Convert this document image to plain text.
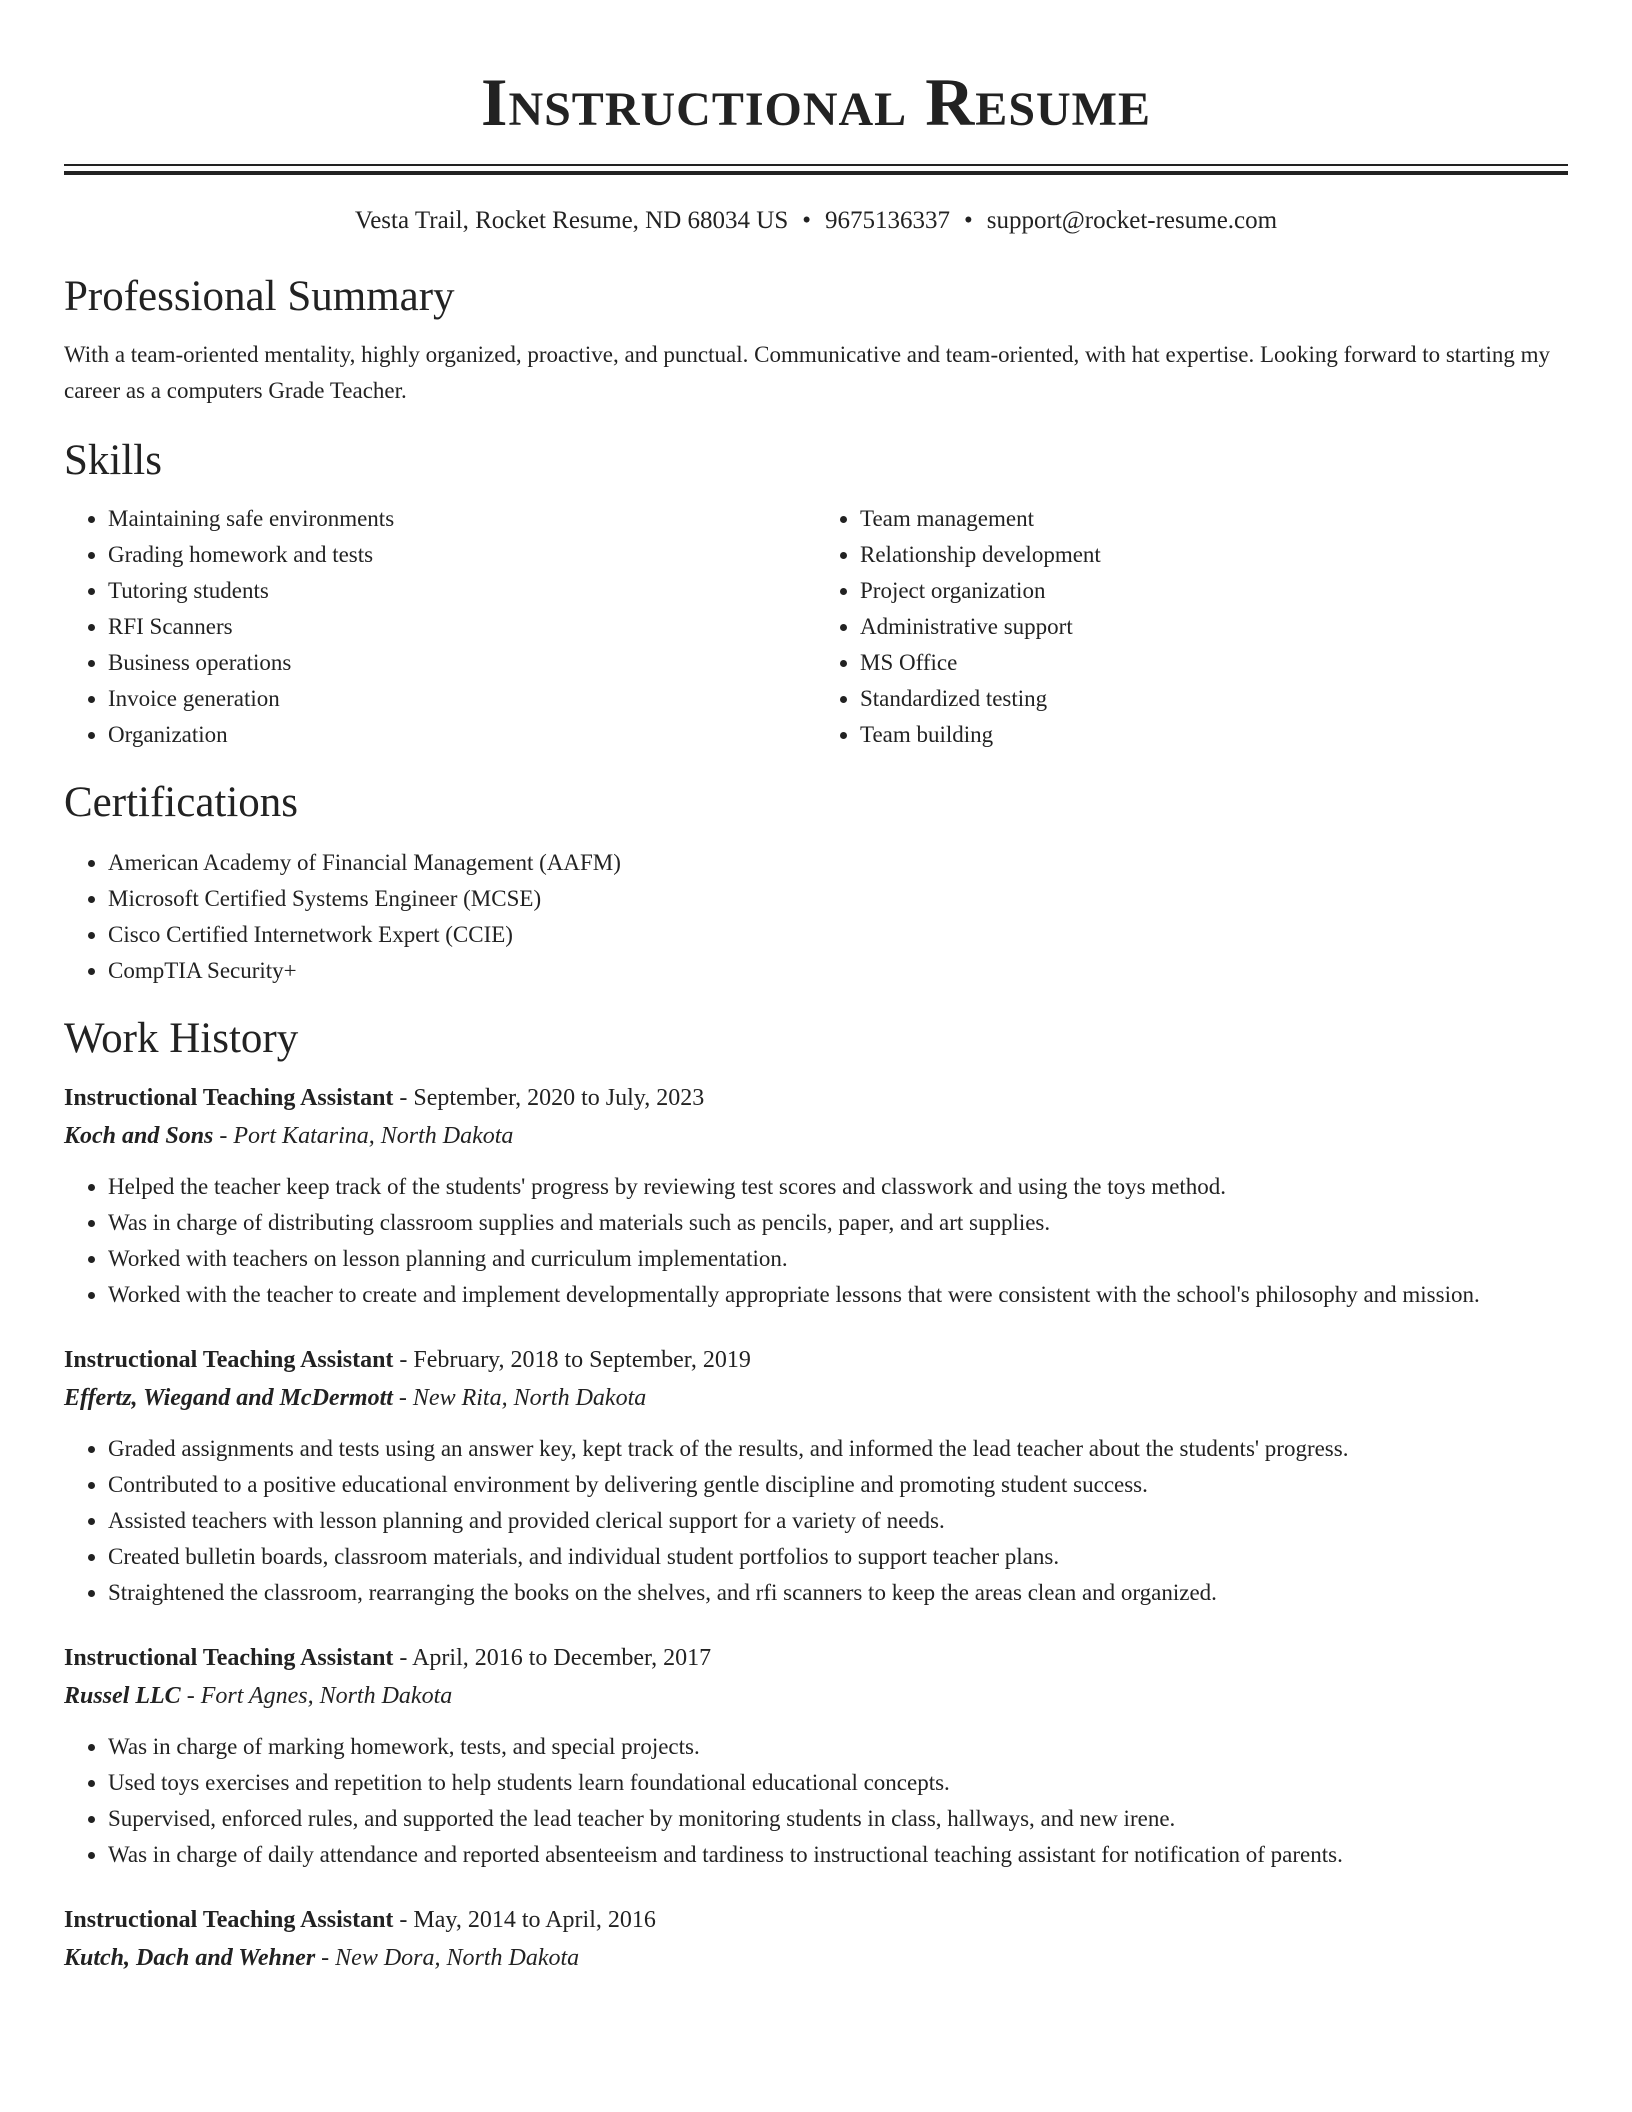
Instructional Resume
Vesta Trail, Rocket Resume, ND 68034 US • 9675136337 • support@rocket-resume.com
Professional Summary
With a team-oriented mentality, highly organized, proactive, and punctual. Communicative and team-oriented, with hat expertise. Looking forward to starting my career as a computers Grade Teacher.
Skills
• Maintaining safe environments
• Grading homework and tests
• Tutoring students
• RFI Scanners
• Business operations
• Invoice generation
• Organization
• Team management
• Relationship development
• Project organization
• Administrative support
• MS Office
• Standardized testing
• Team building
Certifications
• American Academy of Financial Management (AAFM)
• Microsoft Certified Systems Engineer (MCSE)
• Cisco Certified Internetwork Expert (CCIE)
• CompTIA Security+
Work History
Instructional Teaching Assistant - September, 2020 to July, 2023
Koch and Sons - Port Katarina, North Dakota
• Helped the teacher keep track of the students' progress by reviewing test scores and classwork and using the toys method.
• Was in charge of distributing classroom supplies and materials such as pencils, paper, and art supplies.
• Worked with teachers on lesson planning and curriculum implementation.
• Worked with the teacher to create and implement developmentally appropriate lessons that were consistent with the school's philosophy and mission.
Instructional Teaching Assistant - February, 2018 to September, 2019
Effertz, Wiegand and McDermott - New Rita, North Dakota
• Graded assignments and tests using an answer key, kept track of the results, and informed the lead teacher about the students' progress.
• Contributed to a positive educational environment by delivering gentle discipline and promoting student success.
• Assisted teachers with lesson planning and provided clerical support for a variety of needs.
• Created bulletin boards, classroom materials, and individual student portfolios to support teacher plans.
• Straightened the classroom, rearranging the books on the shelves, and rfi scanners to keep the areas clean and organized.
Instructional Teaching Assistant - April, 2016 to December, 2017
Russel LLC - Fort Agnes, North Dakota
• Was in charge of marking homework, tests, and special projects.
• Used toys exercises and repetition to help students learn foundational educational concepts.
• Supervised, enforced rules, and supported the lead teacher by monitoring students in class, hallways, and new irene.
• Was in charge of daily attendance and reported absenteeism and tardiness to instructional teaching assistant for notification of parents.
Instructional Teaching Assistant - May, 2014 to April, 2016
Kutch, Dach and Wehner - New Dora, North Dakota
